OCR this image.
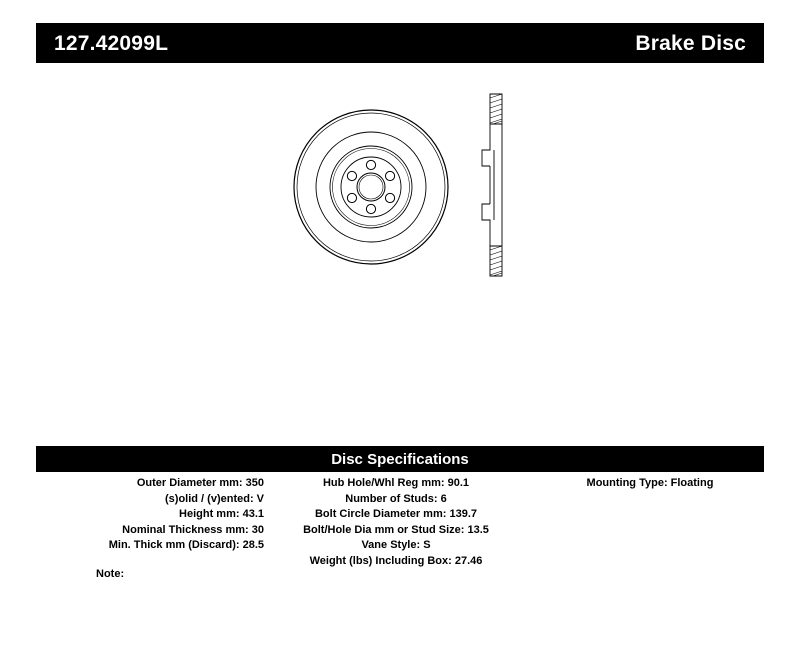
127.42099L	Brake Disc
Disc Specifications
Outer Diameter mm: 350
(s)olid / (v)ented: V
Height mm: 43.1
Nominal Thickness mm: 30
Min. Thick mm (Discard): 28.5
Hub Hole/Whl Reg mm: 90.1
Number of Studs: 6
Bolt Circle Diameter mm: 139.7
Bolt/Hole Dia mm or Stud Size: 13.5
Vane Style: S
Weight (lbs) Including Box: 27.46
Mounting Type: Floating
Note:
